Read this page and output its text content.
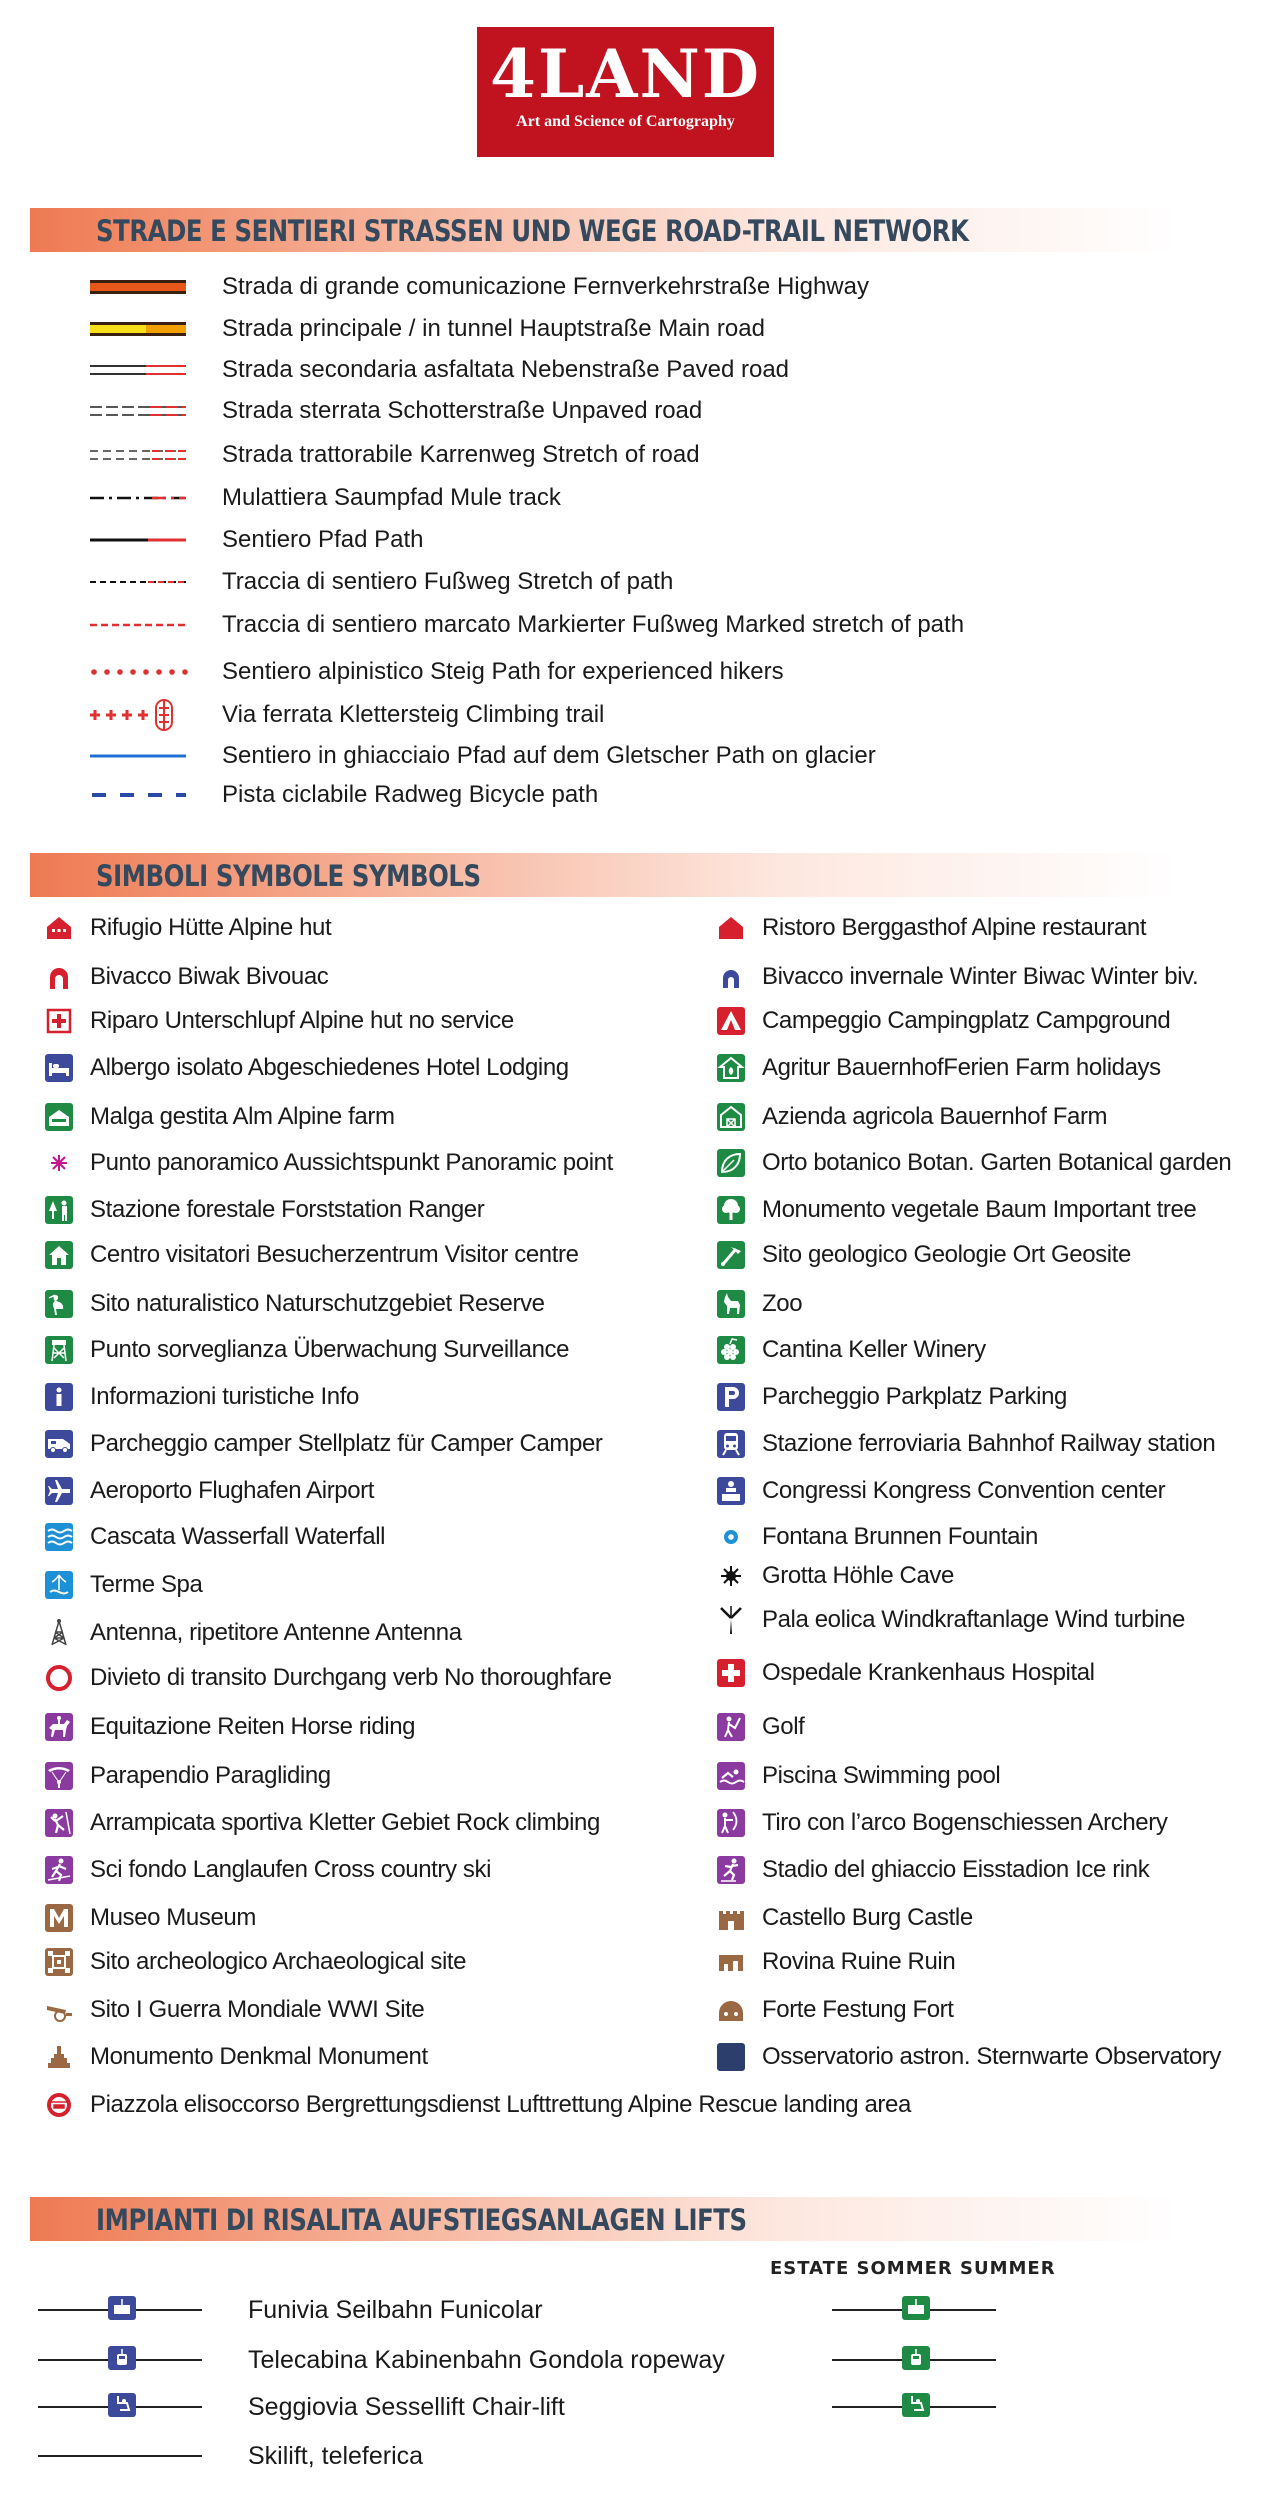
4LAND
Art and Science of Cartography
STRADE E SENTIERI STRASSEN UND WEGE ROAD-TRAIL NETWORK
Strada di grande comunicazione Fernverkehrstraße Highway
Strada principale / in tunnel Hauptstraße Main road
Strada secondaria asfaltata Nebenstraße Paved road
Strada sterrata Schotterstraße Unpaved road
Strada trattorabile Karrenweg Stretch of road
Mulattiera Saumpfad Mule track
Sentiero Pfad Path
Traccia di sentiero Fußweg Stretch of path
Traccia di sentiero marcato Markierter Fußweg Marked stretch of path
Sentiero alpinistico Steig Path for experienced hikers
Via ferrata Klettersteig Climbing trail
Sentiero in ghiacciaio Pfad auf dem Gletscher Path on glacier
Pista ciclabile Radweg Bicycle path
SIMBOLI SYMBOLE SYMBOLS
Rifugio Hütte Alpine hut
Bivacco Biwak Bivouac
Riparo Unterschlupf Alpine hut no service
Albergo isolato Abgeschiedenes Hotel Lodging
Malga gestita Alm Alpine farm
Punto panoramico Aussichtspunkt Panoramic point
Stazione forestale Forststation Ranger
Centro visitatori Besucherzentrum Visitor centre
Sito naturalistico Naturschutzgebiet Reserve
Punto sorveglianza Überwachung Surveillance
Informazioni turistiche Info
Parcheggio camper Stellplatz für Camper Camper
Aeroporto Flughafen Airport
Cascata Wasserfall Waterfall
Terme Spa
Antenna, ripetitore Antenne Antenna
Divieto di transito Durchgang verb No thoroughfare
Equitazione Reiten Horse riding
Parapendio Paragliding
Arrampicata sportiva Kletter Gebiet Rock climbing
Sci fondo Langlaufen Cross country ski
Museo Museum
Sito archeologico Archaeological site
Sito I Guerra Mondiale WWI Site
Monumento Denkmal Monument
Piazzola elisoccorso Bergrettungsdienst Lufttrettung Alpine Rescue landing area
Ristoro Berggasthof Alpine restaurant
Bivacco invernale Winter Biwac Winter biv.
Campeggio Campingplatz Campground
Agritur BauernhofFerien Farm holidays
Azienda agricola Bauernhof Farm
Orto botanico Botan. Garten Botanical garden
Monumento vegetale Baum Important tree
Sito geologico Geologie Ort Geosite
Zoo
Cantina Keller Winery
Parcheggio Parkplatz Parking
Stazione ferroviaria Bahnhof Railway station
Congressi Kongress Convention center
Fontana Brunnen Fountain
Grotta Höhle Cave
Pala eolica Windkraftanlage Wind turbine
Ospedale Krankenhaus Hospital
Golf
Piscina Swimming pool
Tiro con l’arco Bogenschiessen Archery
Stadio del ghiaccio Eisstadion Ice rink
Castello Burg Castle
Rovina Ruine Ruin
Forte Festung Fort
Osservatorio astron. Sternwarte Observatory
IMPIANTI DI RISALITA AUFSTIEGSANLAGEN LIFTS
ESTATE SOMMER SUMMER
Funivia Seilbahn Funicolar
Telecabina Kabinenbahn Gondola ropeway
Seggiovia Sessellift Chair-lift
Skilift, teleferica
